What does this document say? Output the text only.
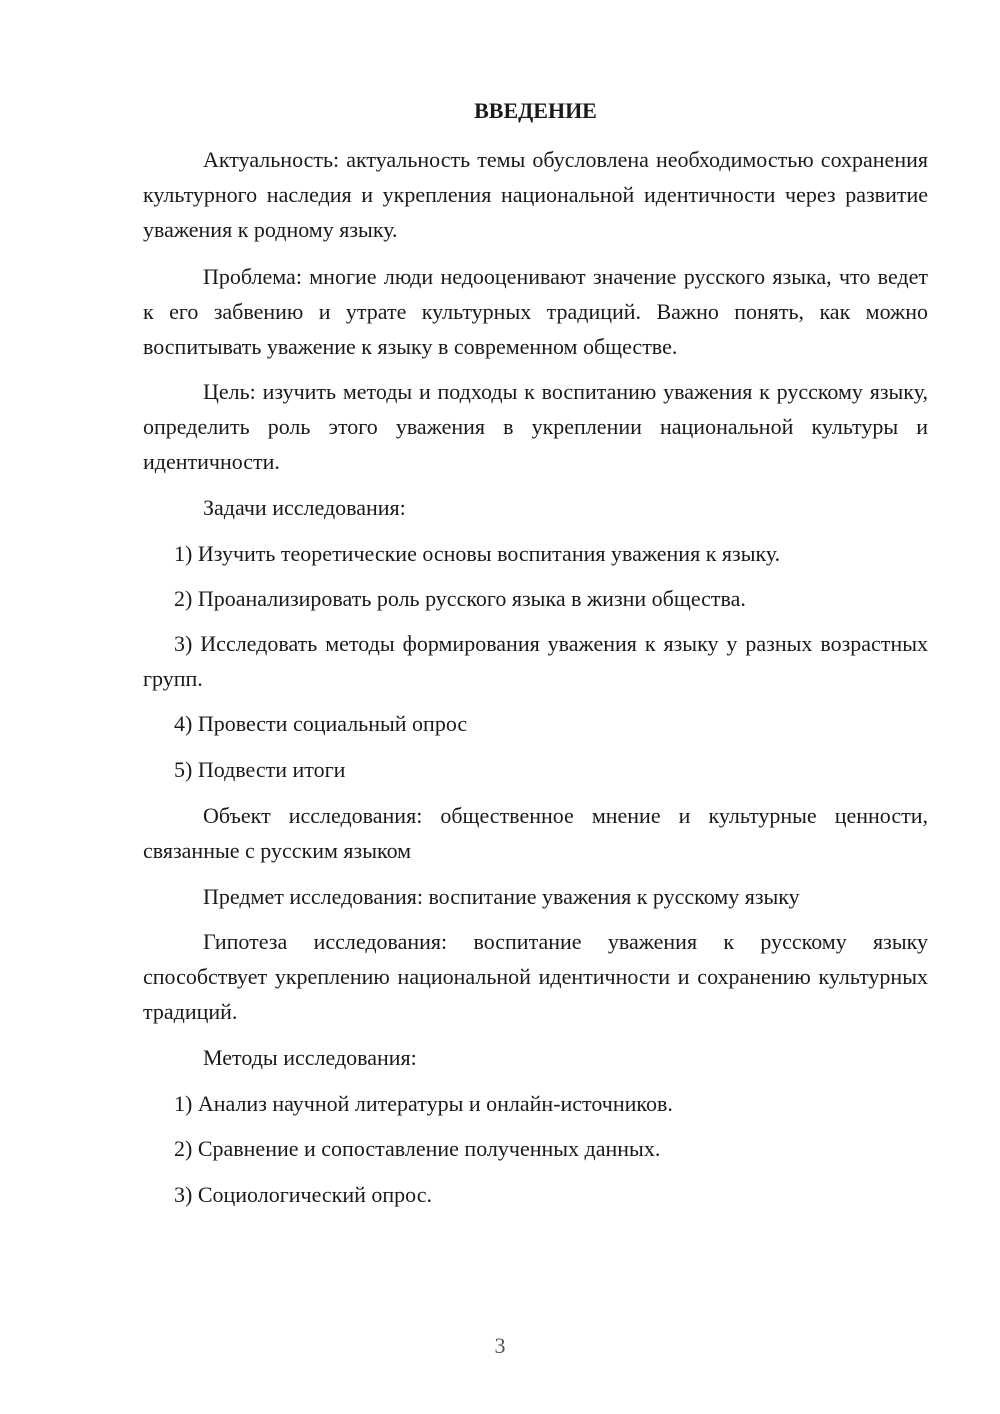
ВВЕДЕНИЕ

Актуальность: актуальность темы обусловлена необходимостью сохранения культурного наследия и укрепления национальной идентичности через развитие уважения к родному языку.

Проблема: многие люди недооценивают значение русского языка, что ведет к его забвению и утрате культурных традиций. Важно понять, как можно воспитывать уважение к языку в современном обществе.

Цель: изучить методы и подходы к воспитанию уважения к русскому языку, определить роль этого уважения в укреплении национальной культуры и идентичности.

Задачи исследования:

1) Изучить теоретические основы воспитания уважения к языку.

2) Проанализировать роль русского языка в жизни общества.

3) Исследовать методы формирования уважения к языку у разных возрастных групп.

4) Провести социальный опрос

5) Подвести итоги

Объект исследования: общественное мнение и культурные ценности, связанные с русским языком

Предмет исследования: воспитание уважения к русскому языку

Гипотеза исследования: воспитание уважения к русскому языку способствует укреплению национальной идентичности и сохранению культурных традиций.

Методы исследования:

1) Анализ научной литературы и онлайн-источников.

2) Сравнение и сопоставление полученных данных.

3) Социологический опрос.

3
